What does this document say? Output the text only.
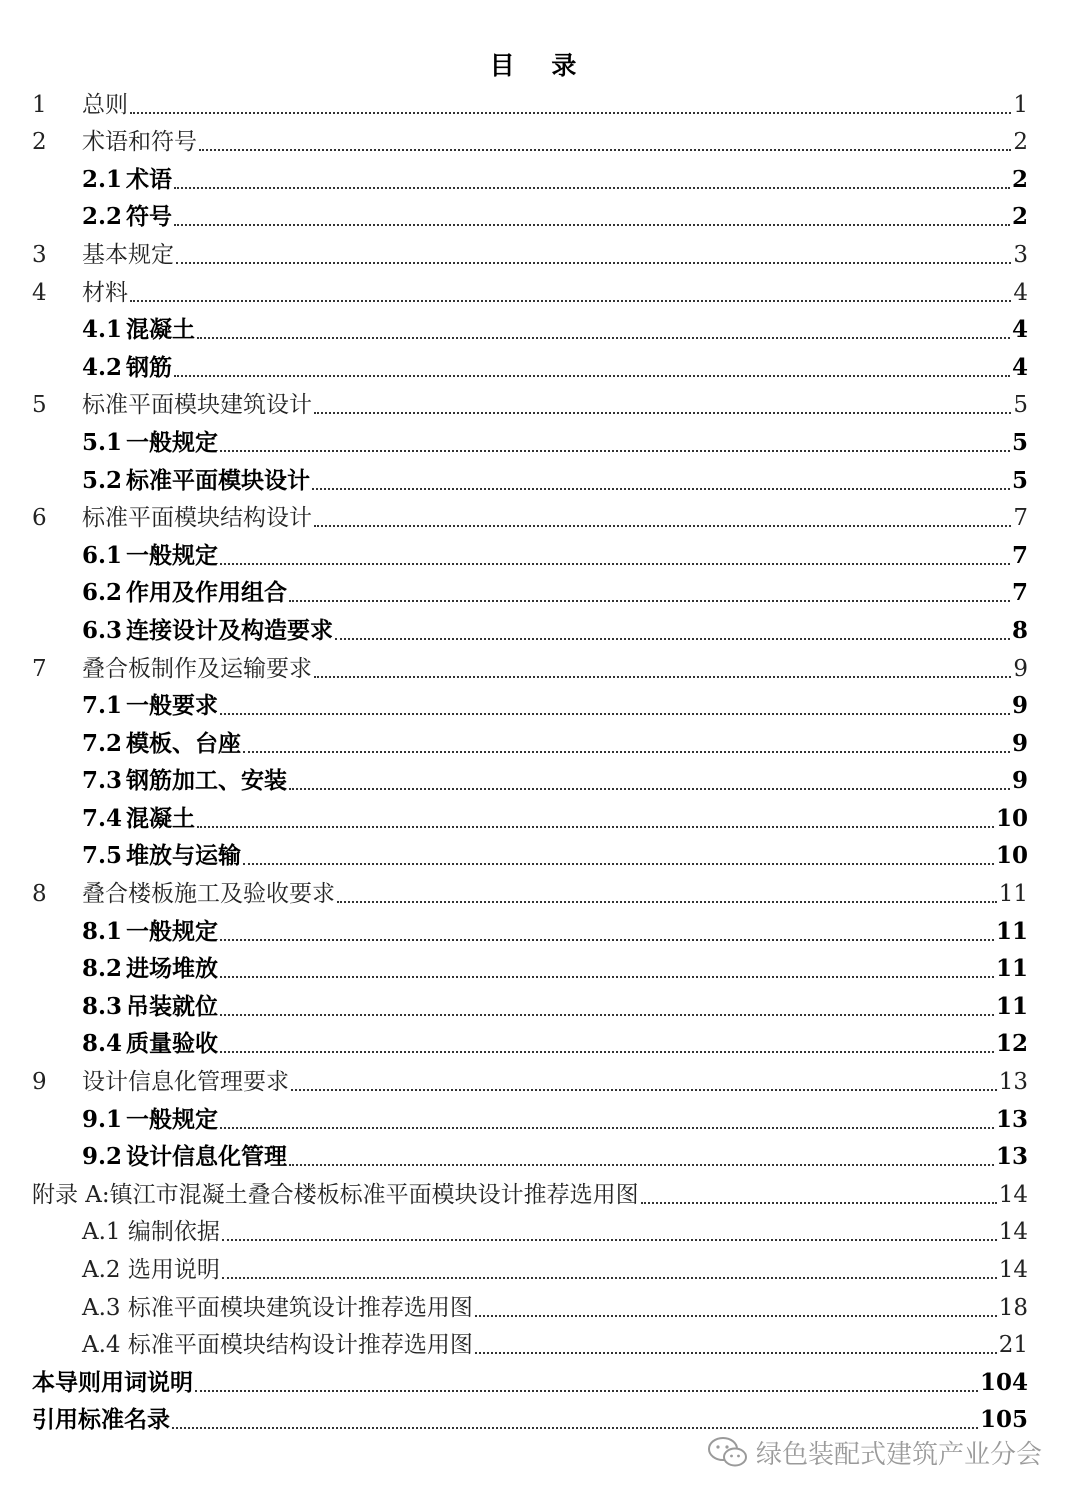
目 录
1 总则	1
2 术语和符号	2
2.1 术语	2
2.2 符号	2
3 基本规定	3
4 材料	4
4.1 混凝土	4
4.2 钢筋	4
5 标准平面模块建筑设计	5
5.1 一般规定	5
5.2 标准平面模块设计	5
6 标准平面模块结构设计	7
6.1 一般规定	7
6.2 作用及作用组合	7
6.3 连接设计及构造要求	8
7 叠合板制作及运输要求	9
7.1 一般要求	9
7.2 模板、台座	9
7.3 钢筋加工、安装	9
7.4 混凝土	10
7.5 堆放与运输	10
8 叠合楼板施工及验收要求	11
8.1 一般规定	11
8.2 进场堆放	11
8.3 吊装就位	11
8.4 质量验收	12
9 设计信息化管理要求	13
9.1 一般规定	13
9.2 设计信息化管理	13
附录 A:镇江市混凝土叠合楼板标准平面模块设计推荐选用图	14
A.1 编制依据	14
A.2 选用说明	14
A.3 标准平面模块建筑设计推荐选用图	18
A.4 标准平面模块结构设计推荐选用图	21
本导则用词说明	104
引用标准名录	105
绿色装配式建筑产业分会
